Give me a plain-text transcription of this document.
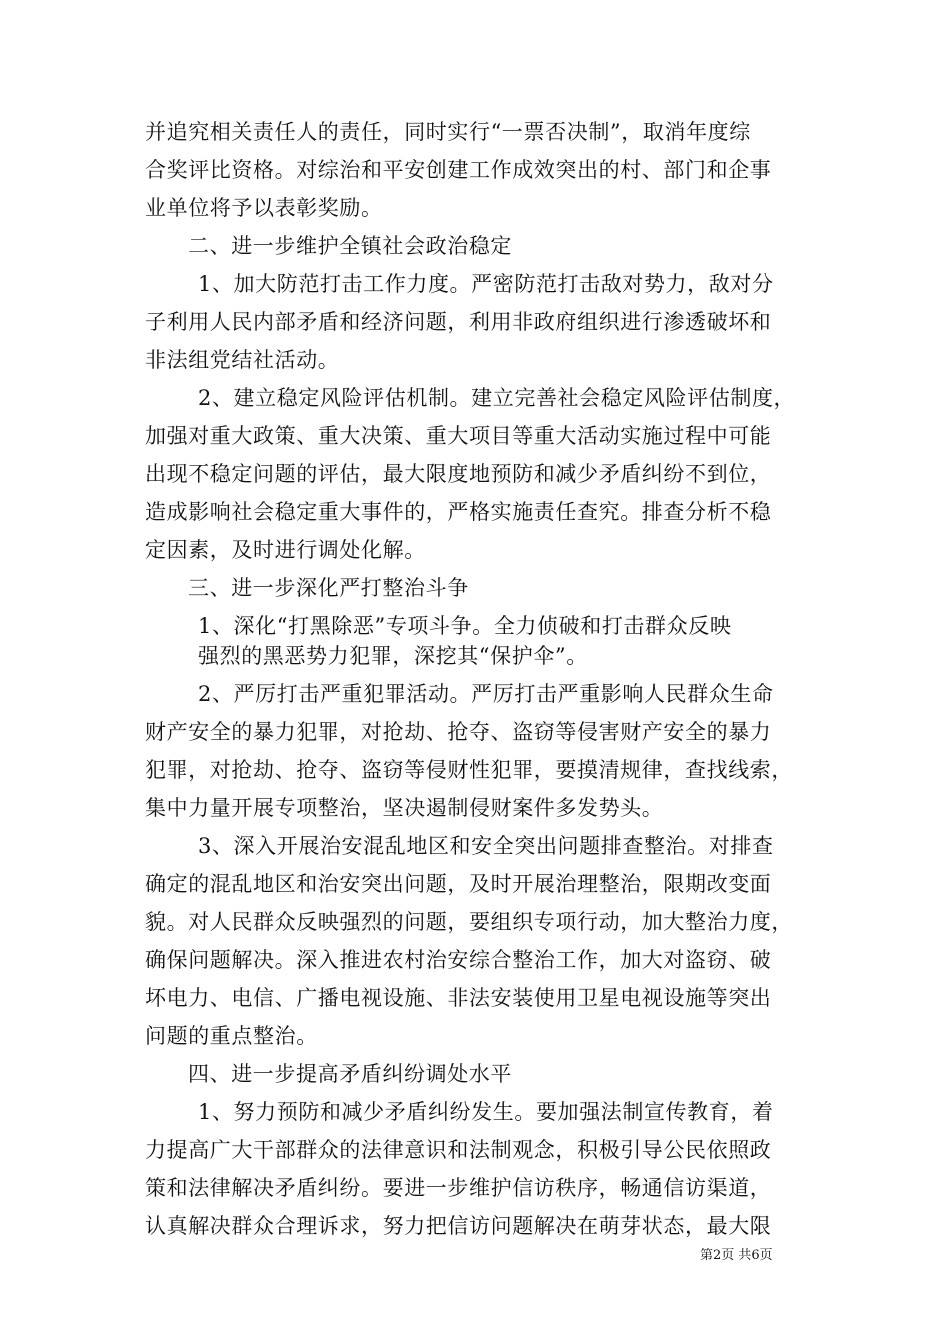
并追究相关责任人的责任，同时实行“一票否决制”，取消年度综
合奖评比资格。对综治和平安创建工作成效突出的村、部门和企事
业单位将予以表彰奖励。
二、进一步维护全镇社会政治稳定
1、加大防范打击工作力度。严密防范打击敌对势力，敌对分
子利用人民内部矛盾和经济问题，利用非政府组织进行渗透破坏和
非法组党结社活动。
2、建立稳定风险评估机制。建立完善社会稳定风险评估制度，
加强对重大政策、重大决策、重大项目等重大活动实施过程中可能
出现不稳定问题的评估，最大限度地预防和减少矛盾纠纷不到位，
造成影响社会稳定重大事件的，严格实施责任查究。排查分析不稳
定因素，及时进行调处化解。
三、进一步深化严打整治斗争
1、深化“打黑除恶”专项斗争。全力侦破和打击群众反映
强烈的黑恶势力犯罪，深挖其“保护伞”。
2、严厉打击严重犯罪活动。严厉打击严重影响人民群众生命
财产安全的暴力犯罪，对抢劫、抢夺、盗窃等侵害财产安全的暴力
犯罪，对抢劫、抢夺、盗窃等侵财性犯罪，要摸清规律，查找线索，
集中力量开展专项整治，坚决遏制侵财案件多发势头。
3、深入开展治安混乱地区和安全突出问题排查整治。对排查
确定的混乱地区和治安突出问题，及时开展治理整治，限期改变面
貌。对人民群众反映强烈的问题，要组织专项行动，加大整治力度，
确保问题解决。深入推进农村治安综合整治工作，加大对盗窃、破
坏电力、电信、广播电视设施、非法安装使用卫星电视设施等突出
问题的重点整治。
四、进一步提高矛盾纠纷调处水平
1、努力预防和减少矛盾纠纷发生。要加强法制宣传教育，着
力提高广大干部群众的法律意识和法制观念，积极引导公民依照政
策和法律解决矛盾纠纷。要进一步维护信访秩序，畅通信访渠道，
认真解决群众合理诉求，努力把信访问题解决在萌芽状态，最大限
第2页 共6页
